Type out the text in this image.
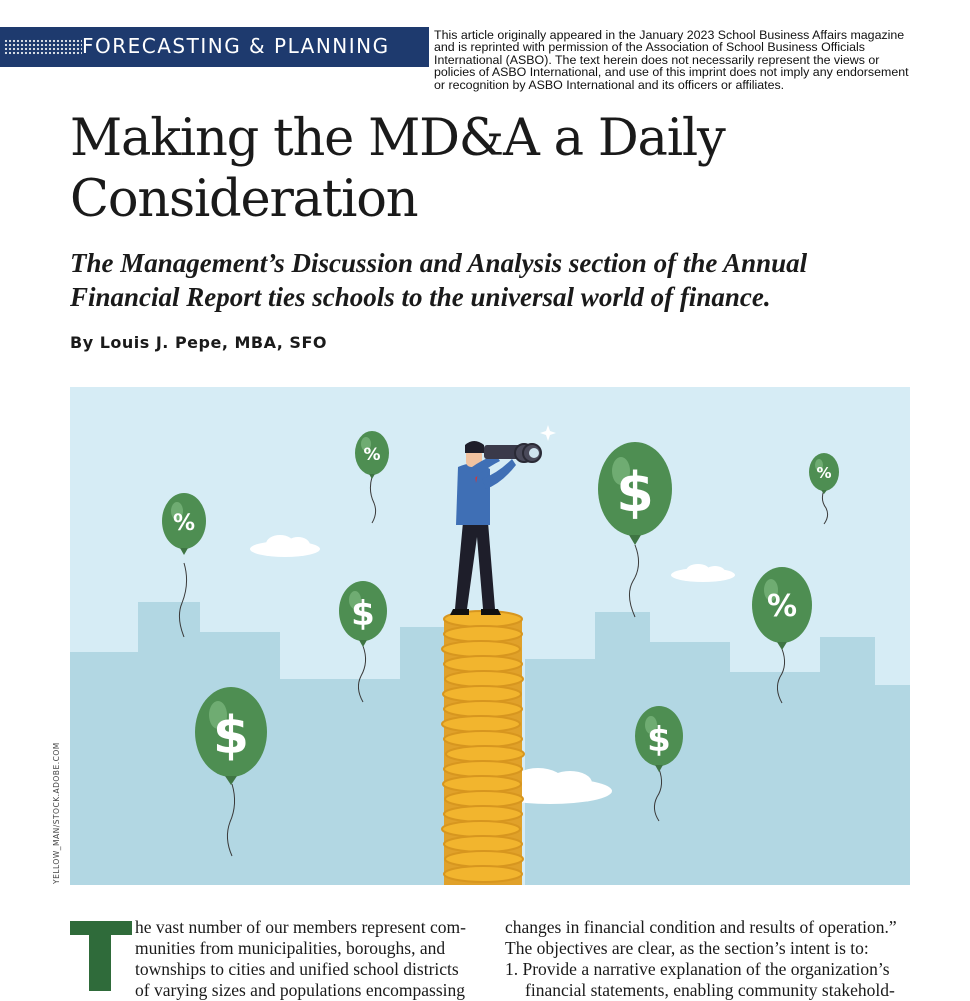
FORECASTING & PLANNING	This article originally appeared in the January 2023 School Business Affairs magazine
and is reprinted with permission of the Association of School Business Officials
International (ASBO). The text herein does not necessarily represent the views or
policies of ASBO International, and use of this imprint does not imply any endorsement
or recognition by ASBO International and its officers or affiliates.
Making the MD&A a Daily
Consideration
The Management’s Discussion and Analysis section of the Annual
Financial Report ties schools to the universal world of finance.
By Louis J. Pepe, MBA, SFO
%
%
$
$
$
$
%
%
YELLOW_MAN/STOCK.ADOBE.COM

he vast number of our members represent com-

munities from municipalities, boroughs, and

townships to cities and unified school districts

of varying sizes and populations encompassing

changes in financial condition and results of operation.”

The objectives are clear, as the section’s intent is to:

1. Provide a narrative explanation of the organization’s

financial statements, enabling community stakehold-
